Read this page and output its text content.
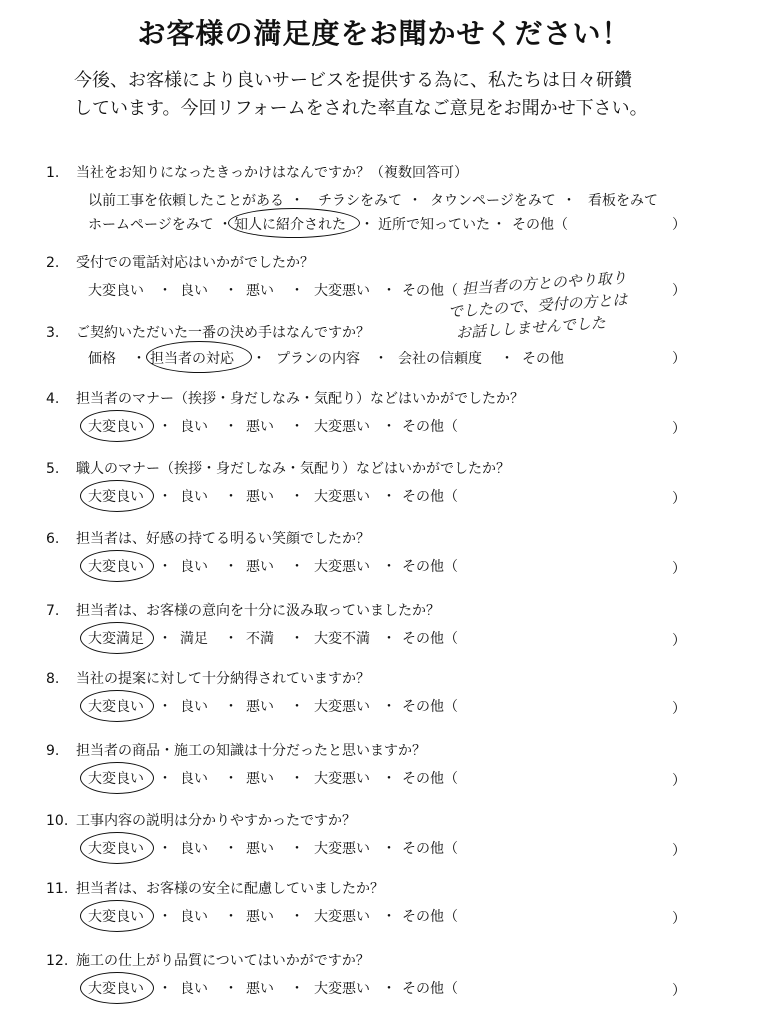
お客様の満足度をお聞かせください！
今後、お客様により良いサービスを提供する為に、私たちは日々研鑽
しています。今回リフォームをされた率直なご意見をお聞かせ下さい。
1. 当社をお知りになったきっかけはなんですか？（複数回答可）
以前工事を依頼したことがある ・ チラシをみて ・ タウンページをみて ・ 看板をみて
ホームページをみて ・ 知人に紹介された ・ 近所で知っていた ・ その他（	）
2. 受付での電話対応はいかがでしたか？
大変良い ・ 良い ・ 悪い ・ 大変悪い ・ その他（	）
担当者の方とのやり取り
でしたので、受付の方とは
お話ししませんでした
3. ご契約いただいた一番の決め手はなんですか？
価格 ・ 担当者の対応 ・ プランの内容 ・ 会社の信頼度 ・ その他	）
4. 担当者のマナー（挨拶・身だしなみ・気配り）などはいかがでしたか？
大変良い ・ 良い ・ 悪い ・ 大変悪い ・ その他（	）
5. 職人のマナー（挨拶・身だしなみ・気配り）などはいかがでしたか？
大変良い ・ 良い ・ 悪い ・ 大変悪い ・ その他（	）
6. 担当者は、好感の持てる明るい笑顔でしたか？
大変良い ・ 良い ・ 悪い ・ 大変悪い ・ その他（	）
7. 担当者は、お客様の意向を十分に汲み取っていましたか？
大変満足 ・ 満足 ・ 不満 ・ 大変不満 ・ その他（	）
8. 当社の提案に対して十分納得されていますか？
大変良い ・ 良い ・ 悪い ・ 大変悪い ・ その他（	）
9. 担当者の商品・施工の知識は十分だったと思いますか？
大変良い ・ 良い ・ 悪い ・ 大変悪い ・ その他（	）
10. 工事内容の説明は分かりやすかったですか？
大変良い ・ 良い ・ 悪い ・ 大変悪い ・ その他（	）
11. 担当者は、お客様の安全に配慮していましたか？
大変良い ・ 良い ・ 悪い ・ 大変悪い ・ その他（	）
12. 施工の仕上がり品質についてはいかがですか？
大変良い ・ 良い ・ 悪い ・ 大変悪い ・ その他（	）
